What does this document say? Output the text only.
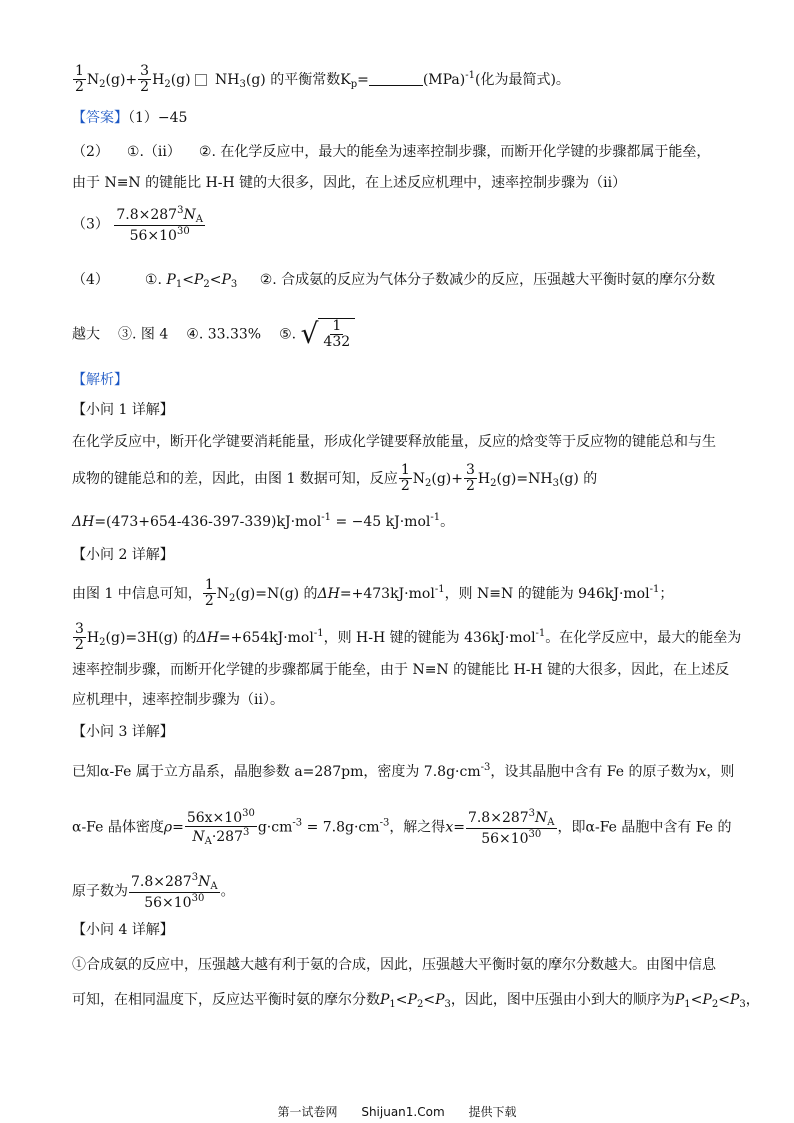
$\frac{1}{2} N_2(g)+ \frac{3}{2} H_2(g)$ $NH_3(g)$ 的平衡常数$K_p=$	(MPa)$^{-1}$(化为最简式)。
【答案】（1）−45
（2） ①.（ii） ②. 在化学反应中，最大的能垒为速率控制步骤，而断开化学键的步骤都属于能垒，
由于 N≡N 的键能比 H-H 键的大很多，因此，在上述反应机理中，速率控制步骤为（ii）
$(3) \frac{7.8\times 287^3N_A}{56\times 10^{30}}$
（4）	①. $P_1<P_2<P_3$ ②. 合成氨的反应为气体分子数减少的反应，压强越大平衡时氨的摩尔分数
越大 ③. 图 4 ④. 33.33% ⑤. √ $\frac{1}{432}$
【解析】
【小问 1 详解】
在化学反应中，断开化学键要消耗能量，形成化学键要释放能量，反应的焓变等于反应物的键能总和与生
成物的键能总和的差，因此，由图 1 数据可知，反应 $\frac{1}{2} N_2(g)+ \frac{3}{2} H_2(g)=NH_3(g)$ 的
ΔH=(473+654-436-397-339)kJ·mol$^{-1}$ = −45 kJ·mol$^{-1}$。
【小问 2 详解】
由图 1 中信息可知， $\frac{1}{2} N_2(g)=N(g)$ 的ΔH=+473kJ·mol$^{-1}$，则 N≡N 的键能为 946kJ·mol$^{-1}$；
$\frac{3}{2} H_2(g)=3H(g)$ 的ΔH=+654kJ·mol$^{-1}$，则 H-H 键的键能为 436kJ·mol$^{-1}$。在化学反应中，最大的能垒为
速率控制步骤，而断开化学键的步骤都属于能垒，由于 N≡N 的键能比 H-H 键的大很多，因此，在上述反
应机理中，速率控制步骤为（ii）。
【小问 3 详解】
已知α-Fe 属于立方晶系，晶胞参数 a=287pm，密度为 $7.8g\cdot cm^{-3}$，设其晶胞中含有 Fe 的原子数为x，则
α-Fe 晶体密度$\rho= \frac{56x\times 10^{30}}{N_A\cdot 287^3} g\cdot cm^{-3} = 7.8g\cdot cm^{-3}$，解之得$x= \frac{7.8\times 287^3N_A}{56\times 10^{30}}$ ，即α-Fe 晶胞中含有 Fe 的
原子数为 $\frac{7.8\times 287^3N_A}{56\times 10^{30}}$ 。
【小问 4 详解】
①合成氨的反应中，压强越大越有利于氨的合成，因此，压强越大平衡时氨的摩尔分数越大。由图中信息
可知，在相同温度下，反应达平衡时氨的摩尔分数$P_1<P_2<P_3$，因此，图中压强由小到大的顺序为$P_1<P_2<P_3$，
第一试卷网 Shijuan1.Com 提供下载
